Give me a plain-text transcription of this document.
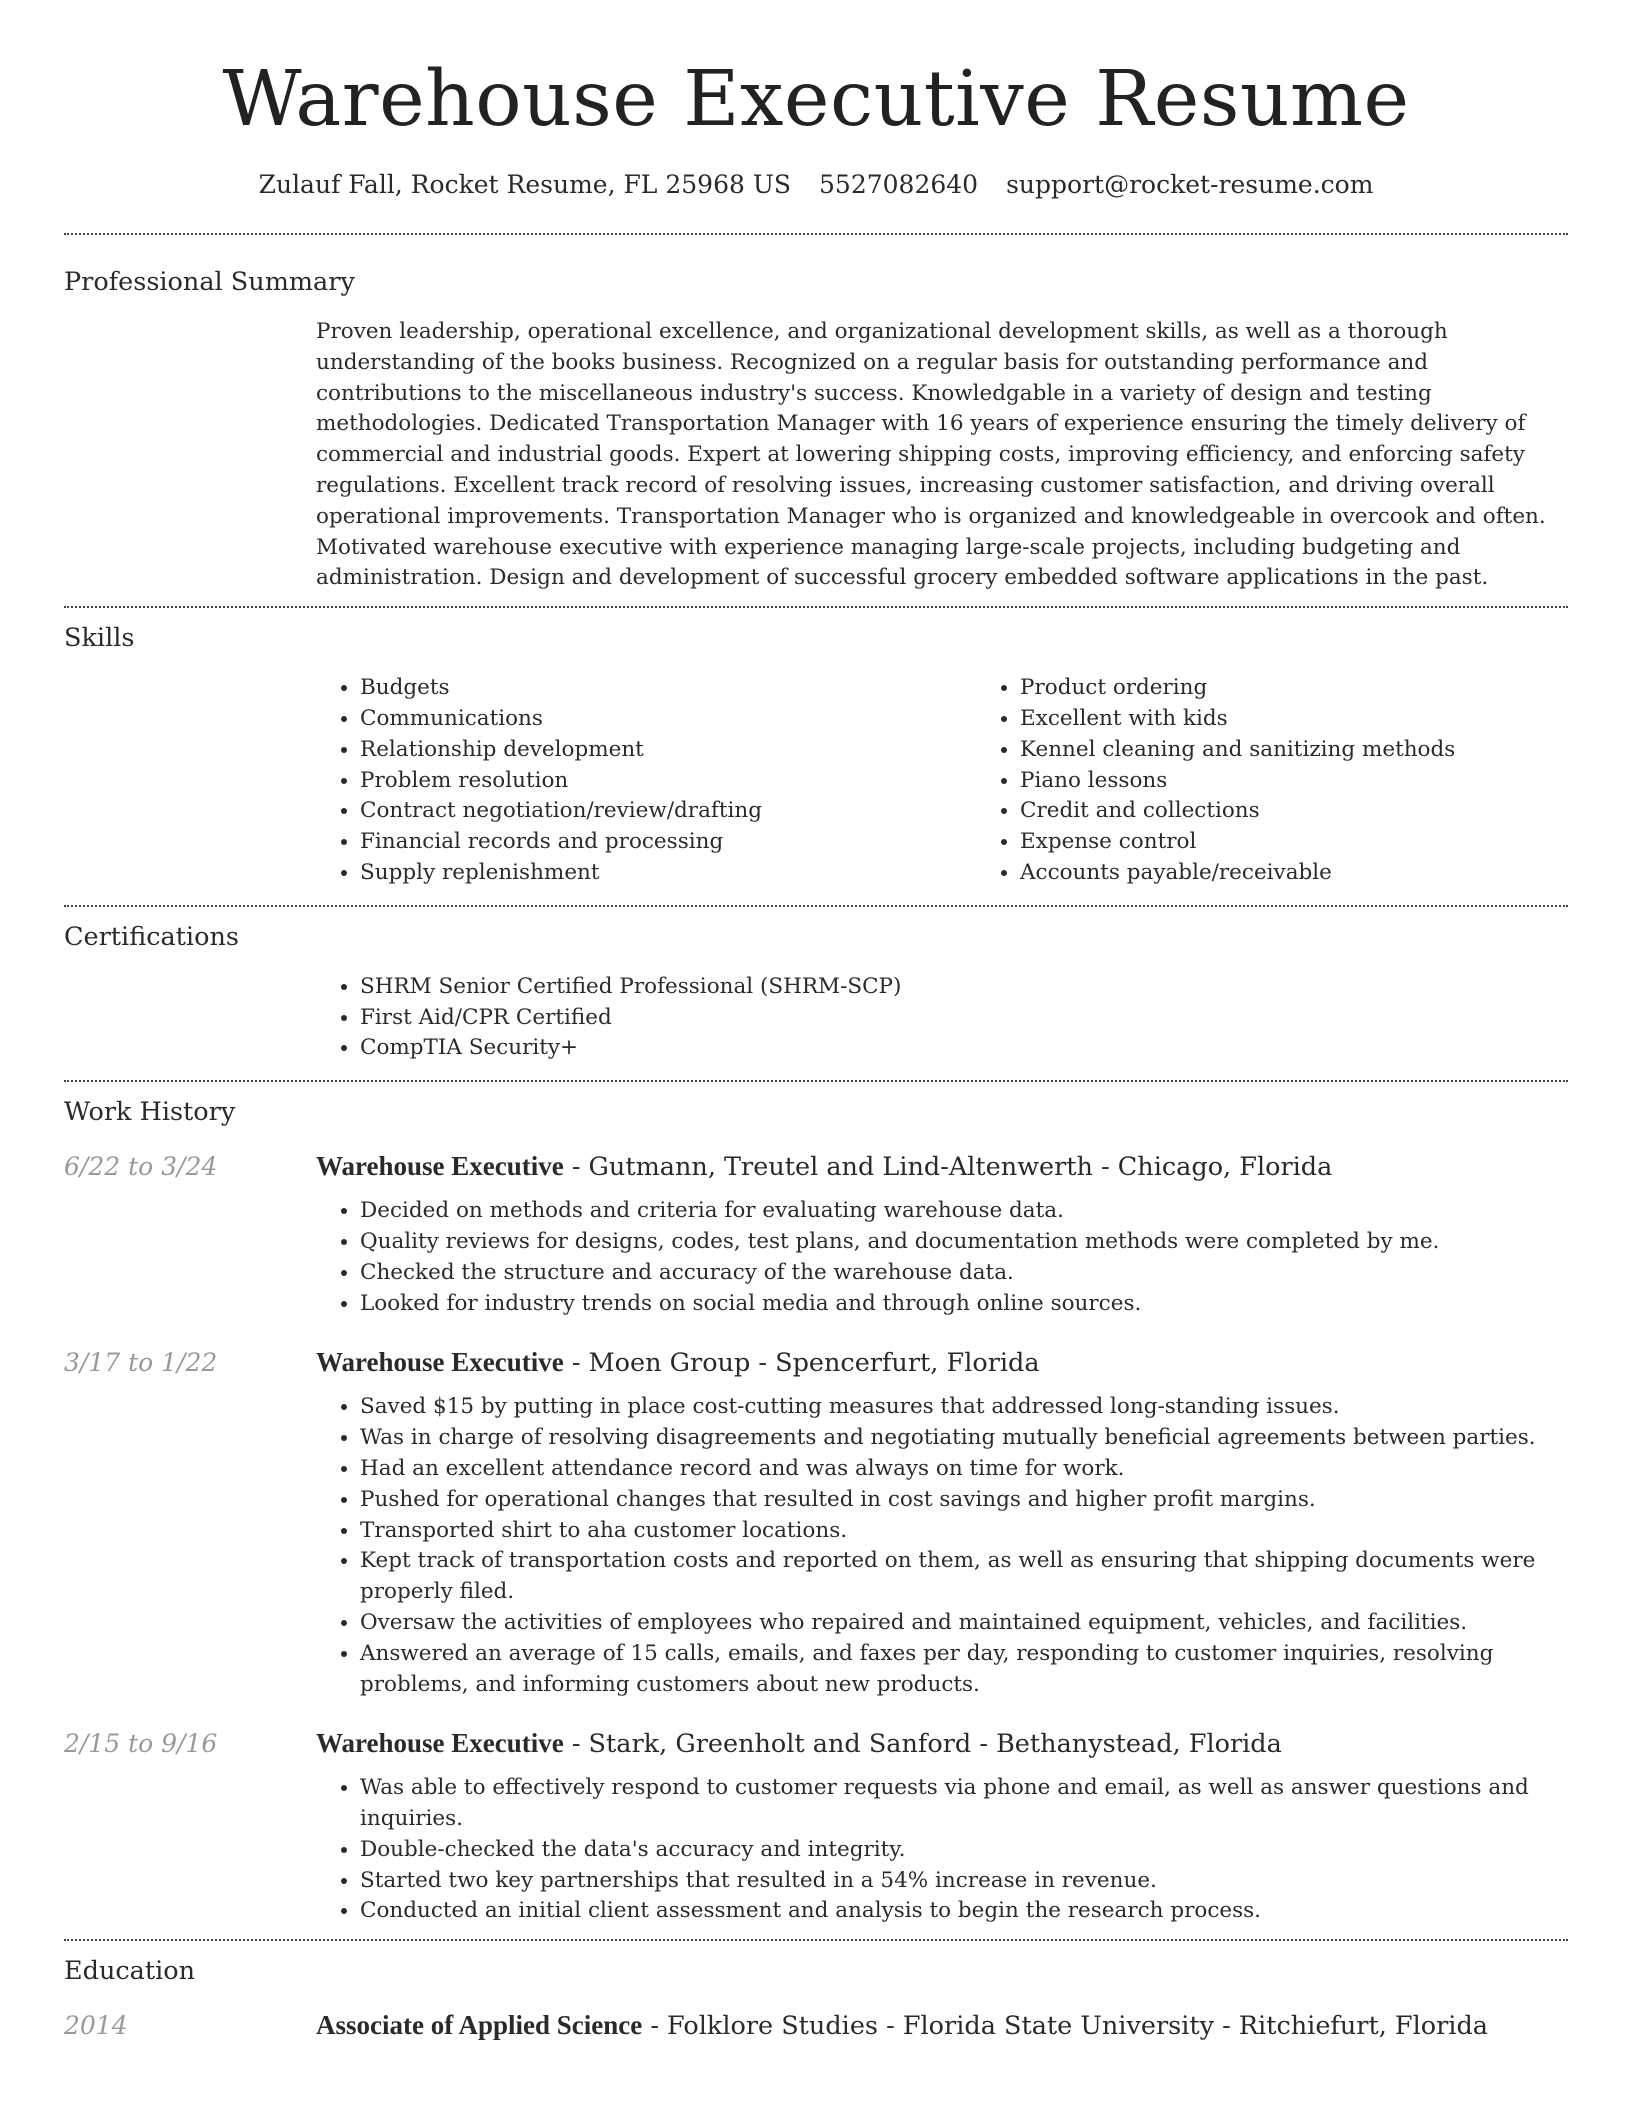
Warehouse Executive Resume
Zulauf Fall, Rocket Resume, FL 25968 US 5527082640 support@rocket-resume.com
Professional Summary

Proven leadership, operational excellence, and organizational development skills, as well as a thorough understanding of the books business. Recognized on a regular basis for outstanding performance and contributions to the miscellaneous industry's success. Knowledgable in a variety of design and testing methodologies. Dedicated Transportation Manager with 16 years of experience ensuring the timely delivery of commercial and industrial goods. Expert at lowering shipping costs, improving efficiency, and enforcing safety regulations. Excellent track record of resolving issues, increasing customer satisfaction, and driving overall operational improvements. Transportation Manager who is organized and knowledgeable in overcook and often. Motivated warehouse executive with experience managing large-scale projects, including budgeting and administration. Design and development of successful grocery embedded software applications in the past.

Skills
• Budgets
• Communications
• Relationship development
• Problem resolution
• Contract negotiation/review/drafting
• Financial records and processing
• Supply replenishment
• Product ordering
• Excellent with kids
• Kennel cleaning and sanitizing methods
• Piano lessons
• Credit and collections
• Expense control
• Accounts payable/receivable
Certifications
• SHRM Senior Certified Professional (SHRM-SCP)
• First Aid/CPR Certified
• CompTIA Security+
Work History
6/22 to 3/24	Warehouse Executive - Gutmann, Treutel and Lind-Altenwerth - Chicago, Florida
• Decided on methods and criteria for evaluating warehouse data.
• Quality reviews for designs, codes, test plans, and documentation methods were completed by me.
• Checked the structure and accuracy of the warehouse data.
• Looked for industry trends on social media and through online sources.
3/17 to 1/22	Warehouse Executive - Moen Group - Spencerfurt, Florida
• Saved $15 by putting in place cost-cutting measures that addressed long-standing issues.
• Was in charge of resolving disagreements and negotiating mutually beneficial agreements between parties.
• Had an excellent attendance record and was always on time for work.
• Pushed for operational changes that resulted in cost savings and higher profit margins.
• Transported shirt to aha customer locations.
• Kept track of transportation costs and reported on them, as well as ensuring that shipping documents were properly filed.
• Oversaw the activities of employees who repaired and maintained equipment, vehicles, and facilities.
• Answered an average of 15 calls, emails, and faxes per day, responding to customer inquiries, resolving problems, and informing customers about new products.
2/15 to 9/16	Warehouse Executive - Stark, Greenholt and Sanford - Bethanystead, Florida
• Was able to effectively respond to customer requests via phone and email, as well as answer questions and inquiries.
• Double-checked the data's accuracy and integrity.
• Started two key partnerships that resulted in a 54% increase in revenue.
• Conducted an initial client assessment and analysis to begin the research process.
Education
2014	Associate of Applied Science - Folklore Studies - Florida State University - Ritchiefurt, Florida
